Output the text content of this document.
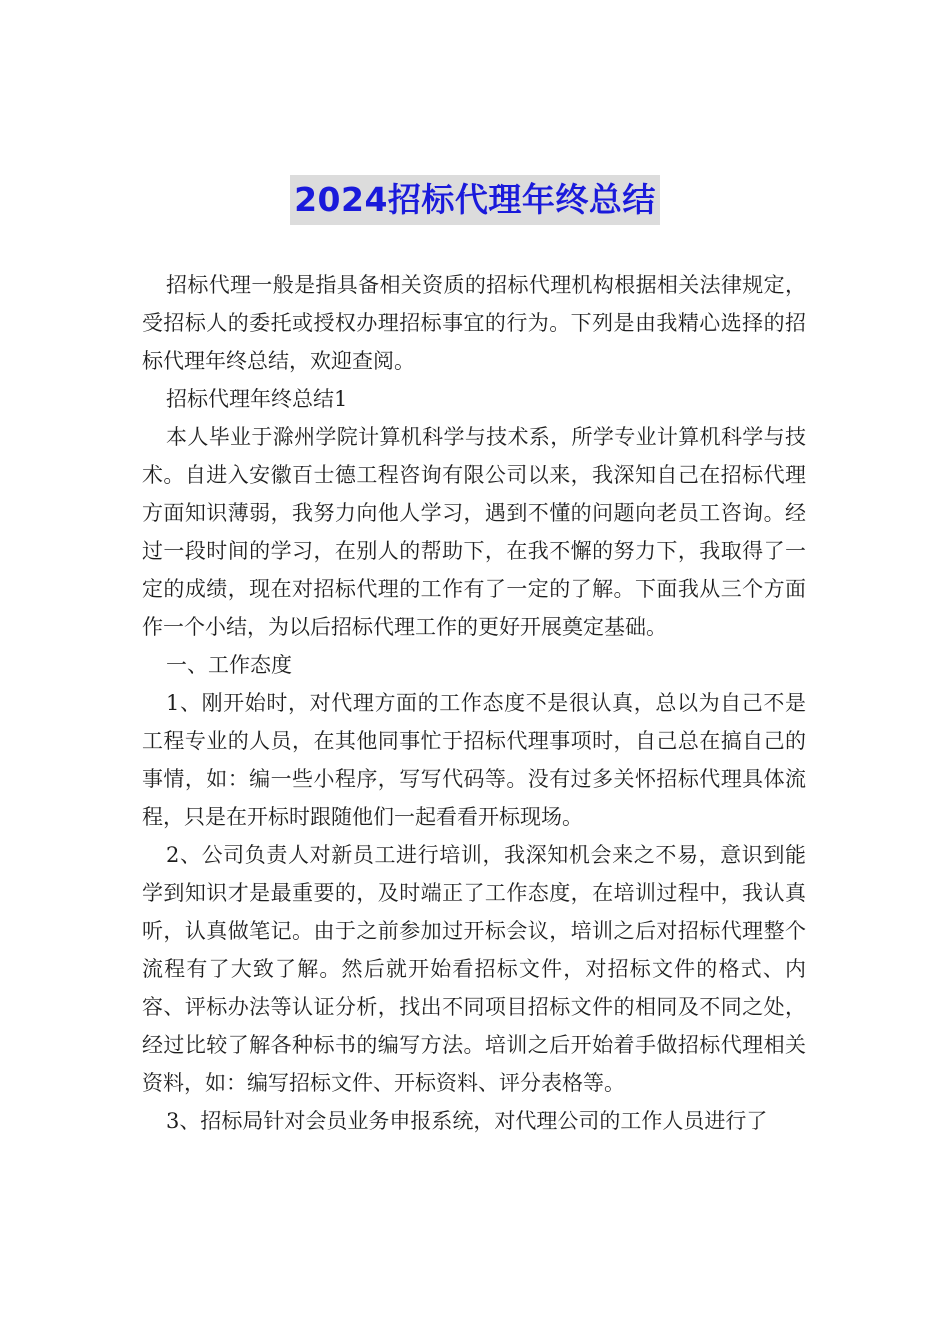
2024招标代理年终总结

招标代理一般是指具备相关资质的招标代理机构根据相关法律规定，受招标人的委托或授权办理招标事宜的行为。下列是由我精心选择的招标代理年终总结，欢迎查阅。

招标代理年终总结1

本人毕业于滁州学院计算机科学与技术系，所学专业计算机科学与技术。自进入安徽百士德工程咨询有限公司以来，我深知自己在招标代理方面知识薄弱，我努力向他人学习，遇到不懂的问题向老员工咨询。经过一段时间的学习，在别人的帮助下，在我不懈的努力下，我取得了一定的成绩，现在对招标代理的工作有了一定的了解。下面我从三个方面作一个小结，为以后招标代理工作的更好开展奠定基础。

一、工作态度

1、刚开始时，对代理方面的工作态度不是很认真，总以为自己不是工程专业的人员，在其他同事忙于招标代理事项时，自己总在搞自己的事情，如：编一些小程序，写写代码等。没有过多关怀招标代理具体流程，只是在开标时跟随他们一起看看开标现场。

2、公司负责人对新员工进行培训，我深知机会来之不易，意识到能学到知识才是最重要的，及时端正了工作态度，在培训过程中，我认真听，认真做笔记。由于之前参加过开标会议，培训之后对招标代理整个流程有了大致了解。然后就开始看招标文件，对招标文件的格式、内容、评标办法等认证分析，找出不同项目招标文件的相同及不同之处，经过比较了解各种标书的编写方法。培训之后开始着手做招标代理相关资料，如：编写招标文件、开标资料、评分表格等。

3、招标局针对会员业务申报系统，对代理公司的工作人员进行了
